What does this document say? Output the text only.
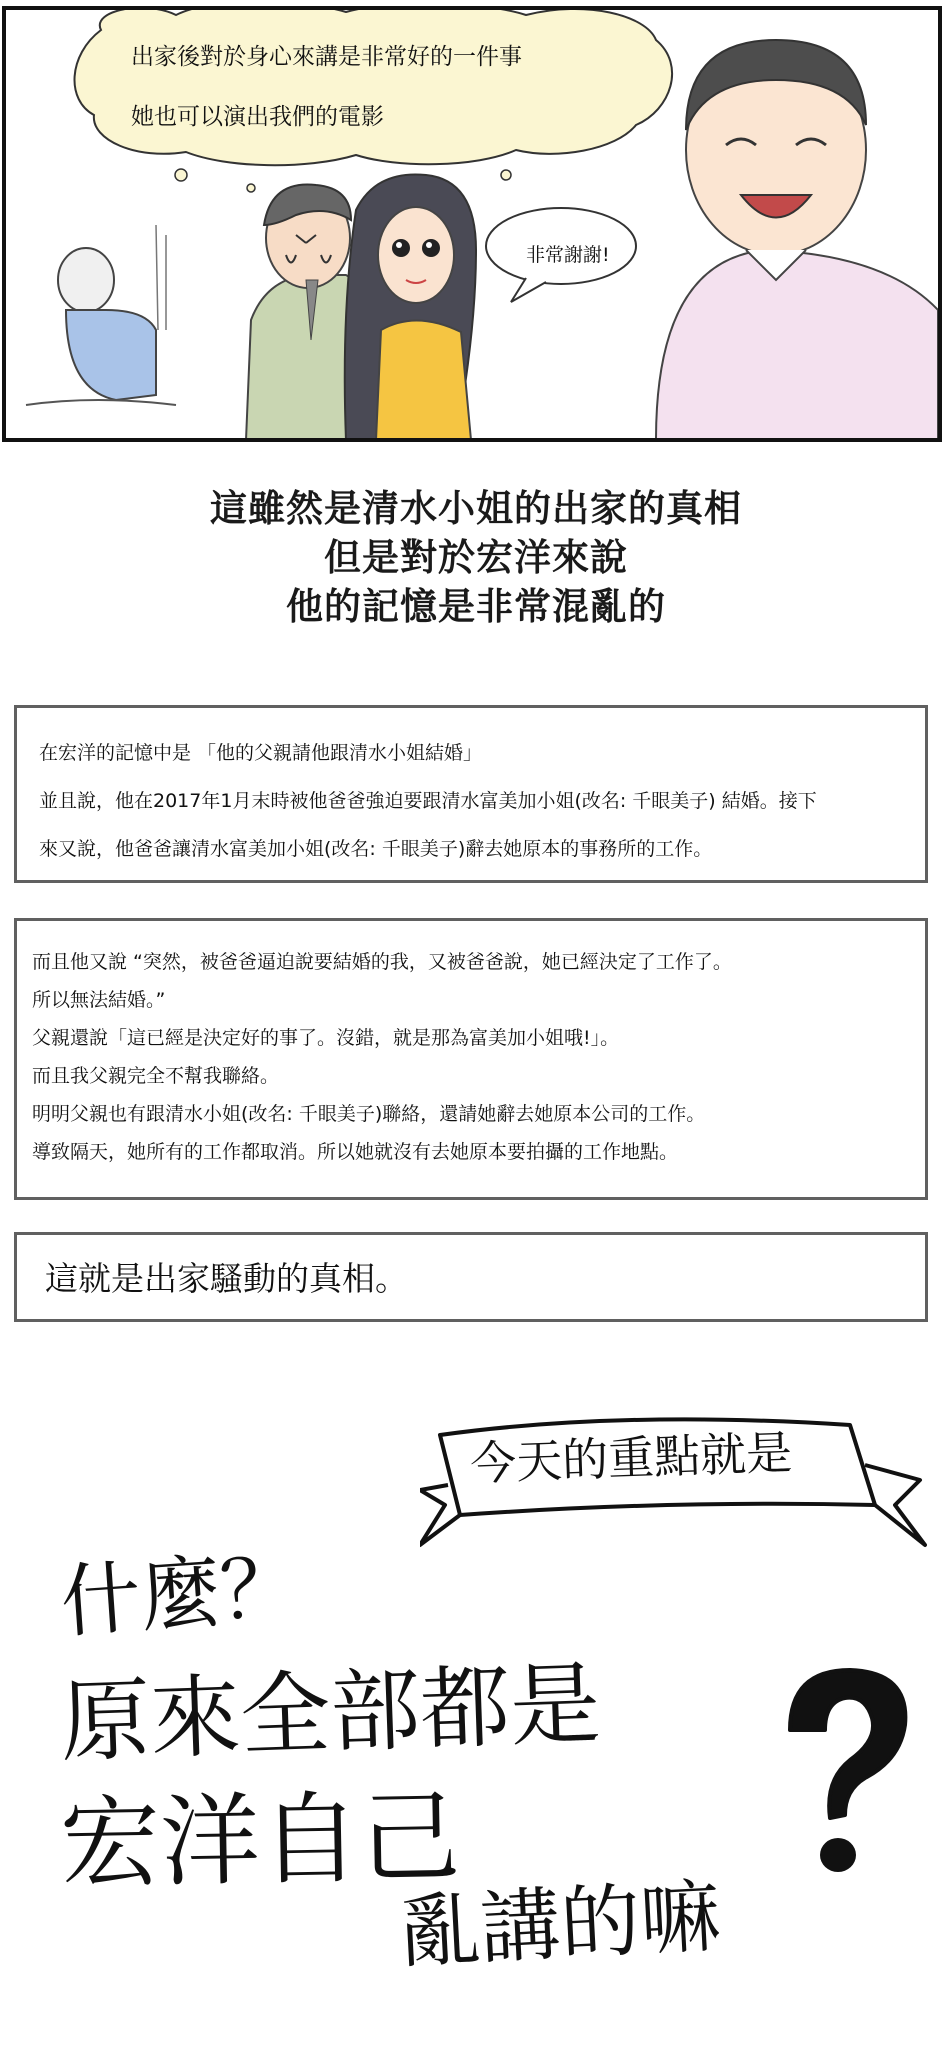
出家後對於身心來講是非常好的一件事
她也可以演出我們的電影
非常謝謝!
這雖然是清水小姐的出家的真相
但是對於宏洋來說
他的記憶是非常混亂的
在宏洋的記憶中是 「他的父親請他跟清水小姐結婚」
並且說，他在2017年1月末時被他爸爸強迫要跟清水富美加小姐(改名: 千眼美子) 結婚。接下
來又說，他爸爸讓清水富美加小姐(改名: 千眼美子)辭去她原本的事務所的工作。
而且他又說 “突然，被爸爸逼迫說要結婚的我，又被爸爸說，她已經決定了工作了。
所以無法結婚。”
父親還說「這已經是決定好的事了。沒錯，就是那為富美加小姐哦!」。
而且我父親完全不幫我聯絡。
明明父親也有跟清水小姐(改名: 千眼美子)聯絡，還請她辭去她原本公司的工作。
導致隔天，她所有的工作都取消。所以她就沒有去她原本要拍攝的工作地點。
這就是出家騷動的真相。
今天的重點就是
什麼？
原來全部都是
宏洋自己
亂講的嘛
